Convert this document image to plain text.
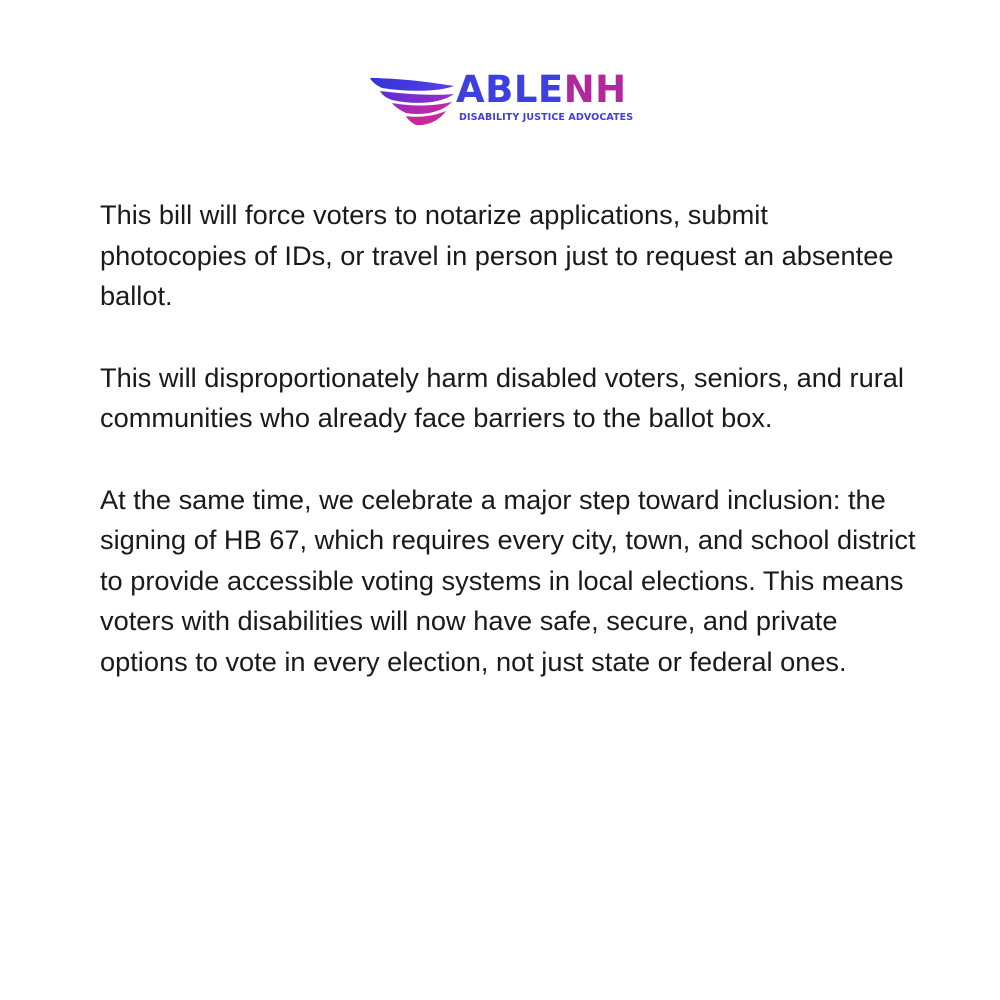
ABLENH
DISABILITY JUSTICE ADVOCATES

This bill will force voters to notarize applications, submit photocopies of IDs, or travel in person just to request an absentee ballot.

This will disproportionately harm disabled voters, seniors, and rural communities who already face barriers to the ballot box.

At the same time, we celebrate a major step toward inclusion: the signing of HB 67, which requires every city, town, and school district to provide accessible voting systems in local elections. This means voters with disabilities will now have safe, secure, and private options to vote in every election, not just state or federal ones.
